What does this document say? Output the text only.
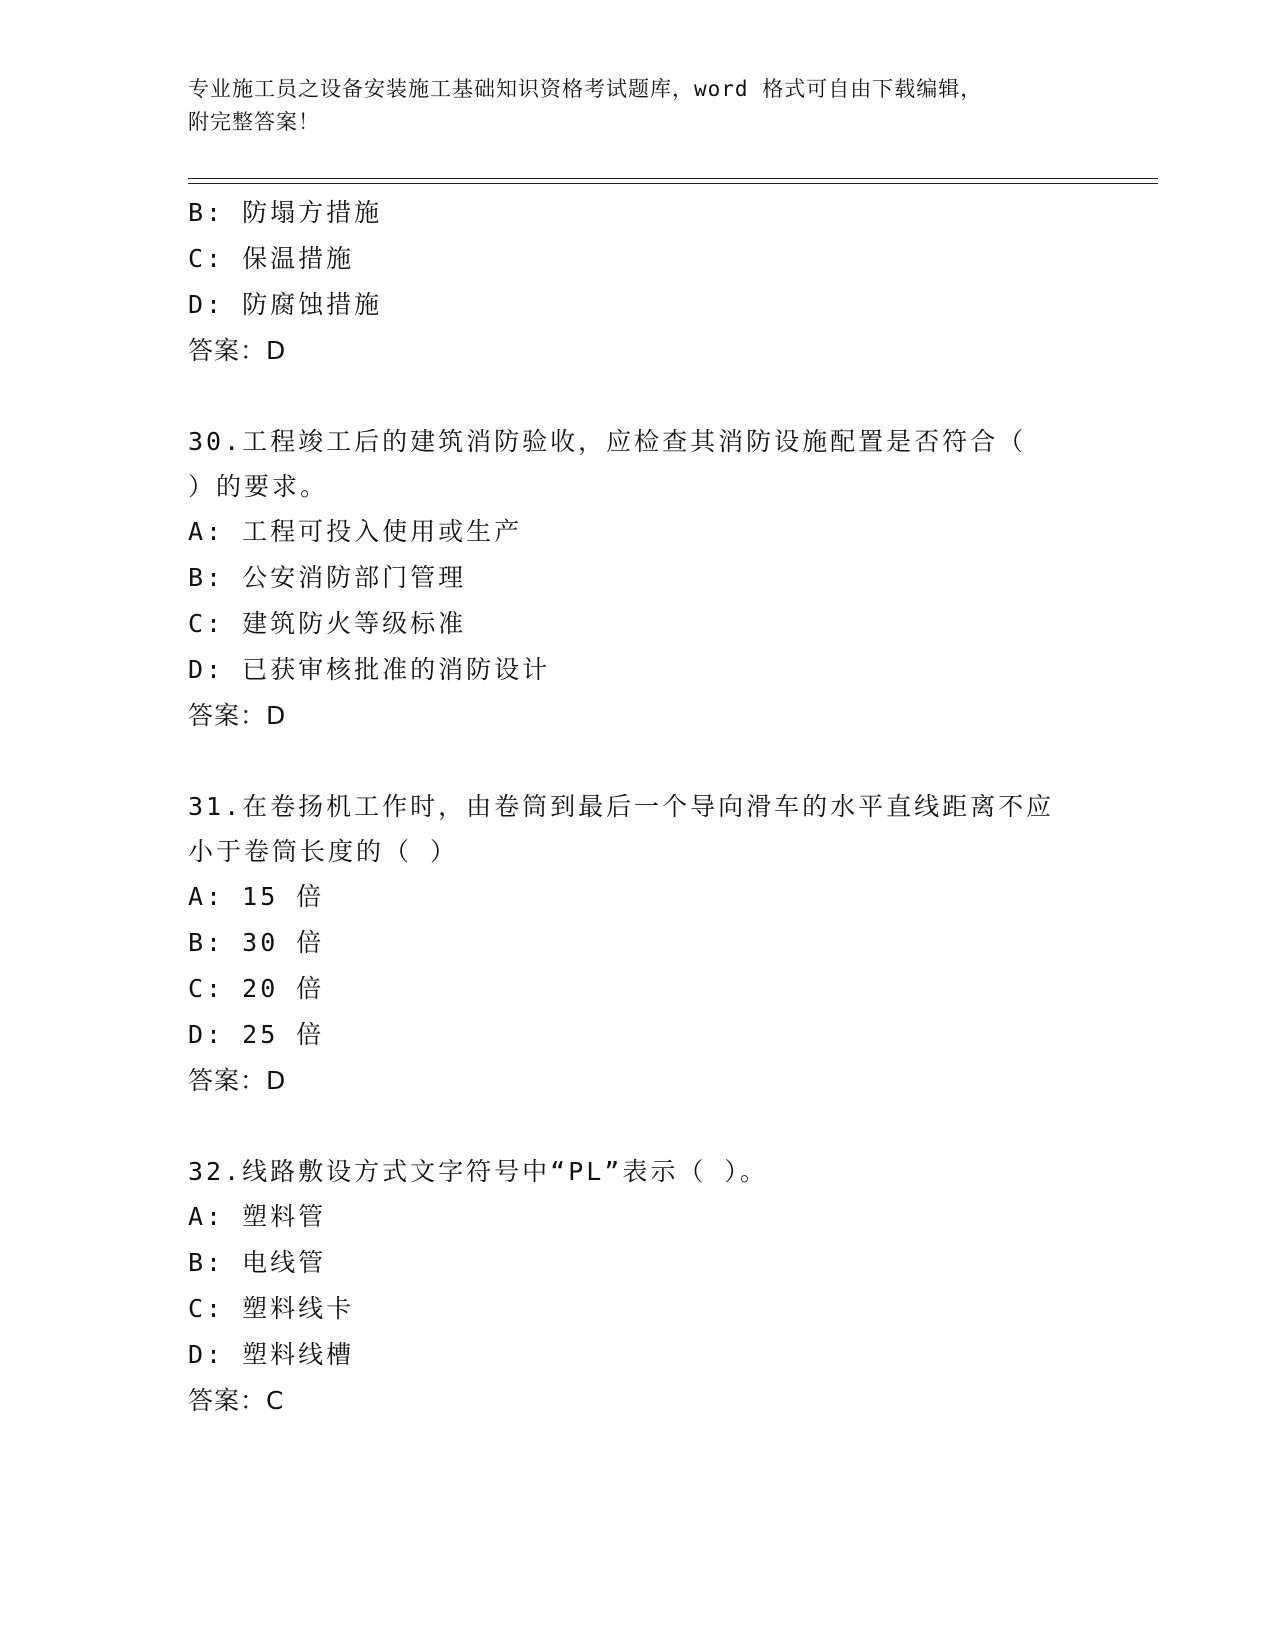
专业施工员之设备安装施工基础知识资格考试题库，word 格式可自由下载编辑，
附完整答案！
B: 防塌方措施
C: 保温措施
D: 防腐蚀措施
答案：D
30.工程竣工后的建筑消防验收，应检查其消防设施配置是否符合（
）的要求。
A: 工程可投入使用或生产
B: 公安消防部门管理
C: 建筑防火等级标准
D: 已获审核批准的消防设计
答案：D
31.在卷扬机工作时，由卷筒到最后一个导向滑车的水平直线距离不应
小于卷筒长度的（ ）
A: 15 倍
B: 30 倍
C: 20 倍
D: 25 倍
答案：D
32.线路敷设方式文字符号中“PL”表示（ ）。
A: 塑料管
B: 电线管
C: 塑料线卡
D: 塑料线槽
答案：C
